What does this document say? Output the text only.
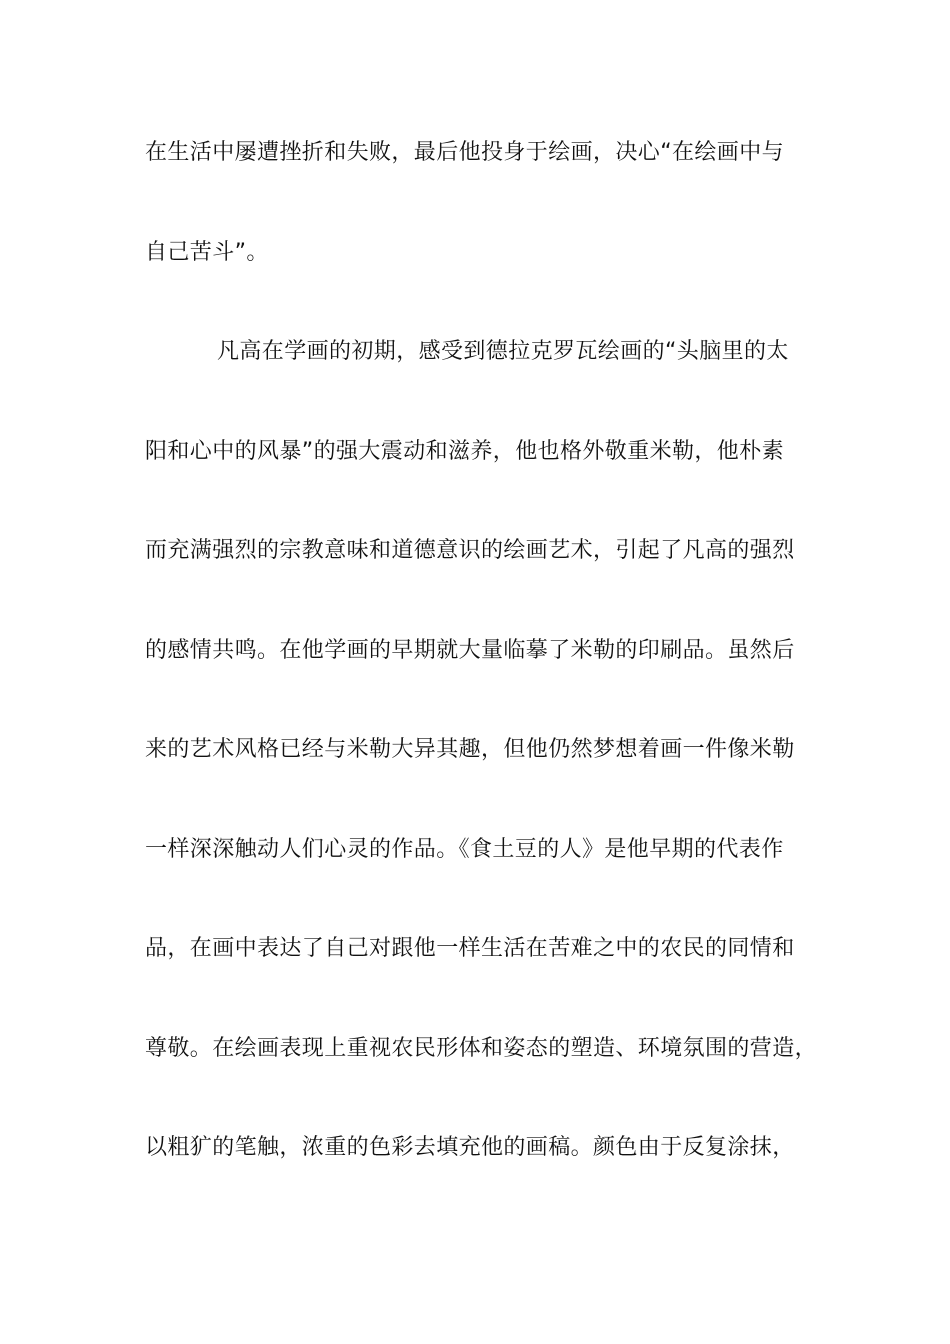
在生活中屡遭挫折和失败，最后他投身于绘画，决心“在绘画中与
自己苦斗”。
凡高在学画的初期，感受到德拉克罗瓦绘画的“头脑里的太
阳和心中的风暴”的强大震动和滋养，他也格外敬重米勒，他朴素
而充满强烈的宗教意味和道德意识的绘画艺术，引起了凡高的强烈
的感情共鸣。在他学画的早期就大量临摹了米勒的印刷品。虽然后
来的艺术风格已经与米勒大异其趣，但他仍然梦想着画一件像米勒
一样深深触动人们心灵的作品。《食土豆的人》是他早期的代表作
品，在画中表达了自己对跟他一样生活在苦难之中的农民的同情和
尊敬。在绘画表现上重视农民形体和姿态的塑造、环境氛围的营造，
以粗犷的笔触，浓重的色彩去填充他的画稿。颜色由于反复涂抹，
